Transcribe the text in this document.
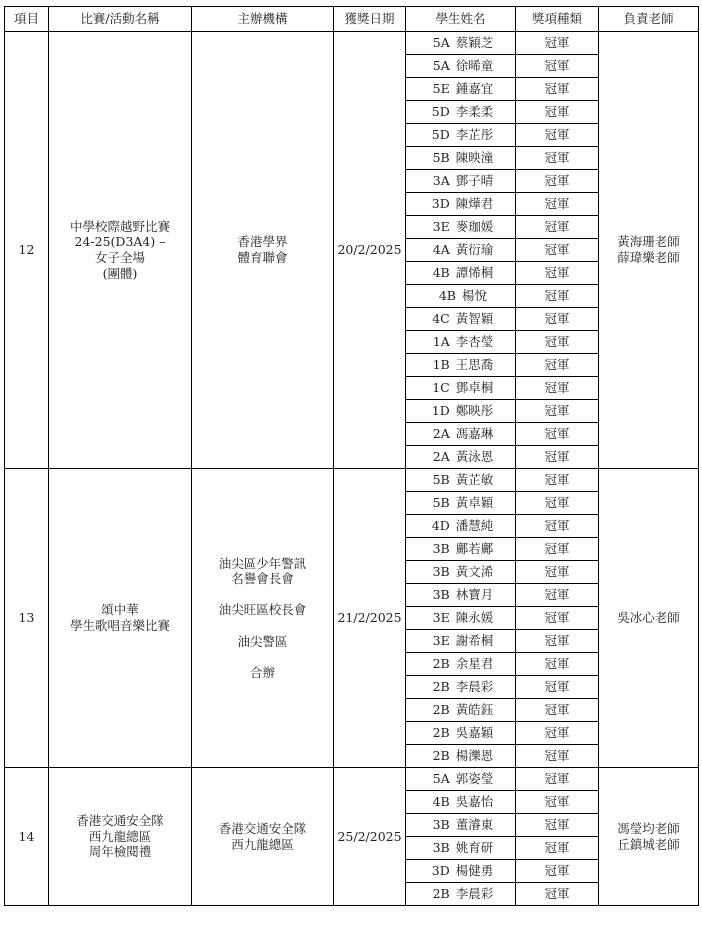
項目	比賽/活動名稱	主辦機構	獲獎日期	學生姓名	獎項種類	負責老師
12	中學校際越野比賽
24-25(D3A4) –
女子全場
(團體)	香港學界
體育聯會	20/2/2025	5A 蔡穎芝	冠軍	黃海珊老師
薛瑋樂老師
				5A 徐晞童	冠軍	
				5E 鍾嘉宜	冠軍	
				5D 李柔柔	冠軍	
				5D 李芷彤	冠軍	
				5B 陳映潼	冠軍	
				3A 鄧子晴	冠軍	
				3D 陳燁君	冠軍	
				3E 麥珈媛	冠軍	
				4A 黃衍瑜	冠軍	
				4B 譚悕桐	冠軍	
				4B 楊悅	冠軍	
				4C 黃智穎	冠軍	
				1A 李杏瑩	冠軍	
				1B 王思喬	冠軍	
				1C 鄧卓桐	冠軍	
				1D 鄭映彤	冠軍	
				2A 馮嘉琳	冠軍	
				2A 黃泳恩	冠軍	
13	頌中華
學生歌唱音樂比賽	油尖區少年警訊
名譽會長會

油尖旺區校長會

油尖警區

合辦	21/2/2025	5B 黃芷敏	冠軍	吳冰心老師
				5B 黃卓穎	冠軍	
				4D 潘慧純	冠軍	
				3B 鄺若鄺	冠軍	
				3B 黃文浠	冠軍	
				3B 林寶月	冠軍	
				3E 陳永媛	冠軍	
				3E 謝希桐	冠軍	
				2B 余星君	冠軍	
				2B 李晨彩	冠軍	
				2B 黃皓鈺	冠軍	
				2B 吳嘉穎	冠軍	
				2B 楊濼恩	冠軍	
14	香港交通安全隊
西九龍總區
周年檢閱禮	香港交通安全隊
西九龍總區	25/2/2025	5A 郭姿瑩	冠軍	馮瑩均老師
丘鎮城老師
				4B 吳嘉怡	冠軍	
				3B 董濬東	冠軍	
				3B 姚育研	冠軍	
				3D 楊健勇	冠軍	
				2B 李晨彩	冠軍	
